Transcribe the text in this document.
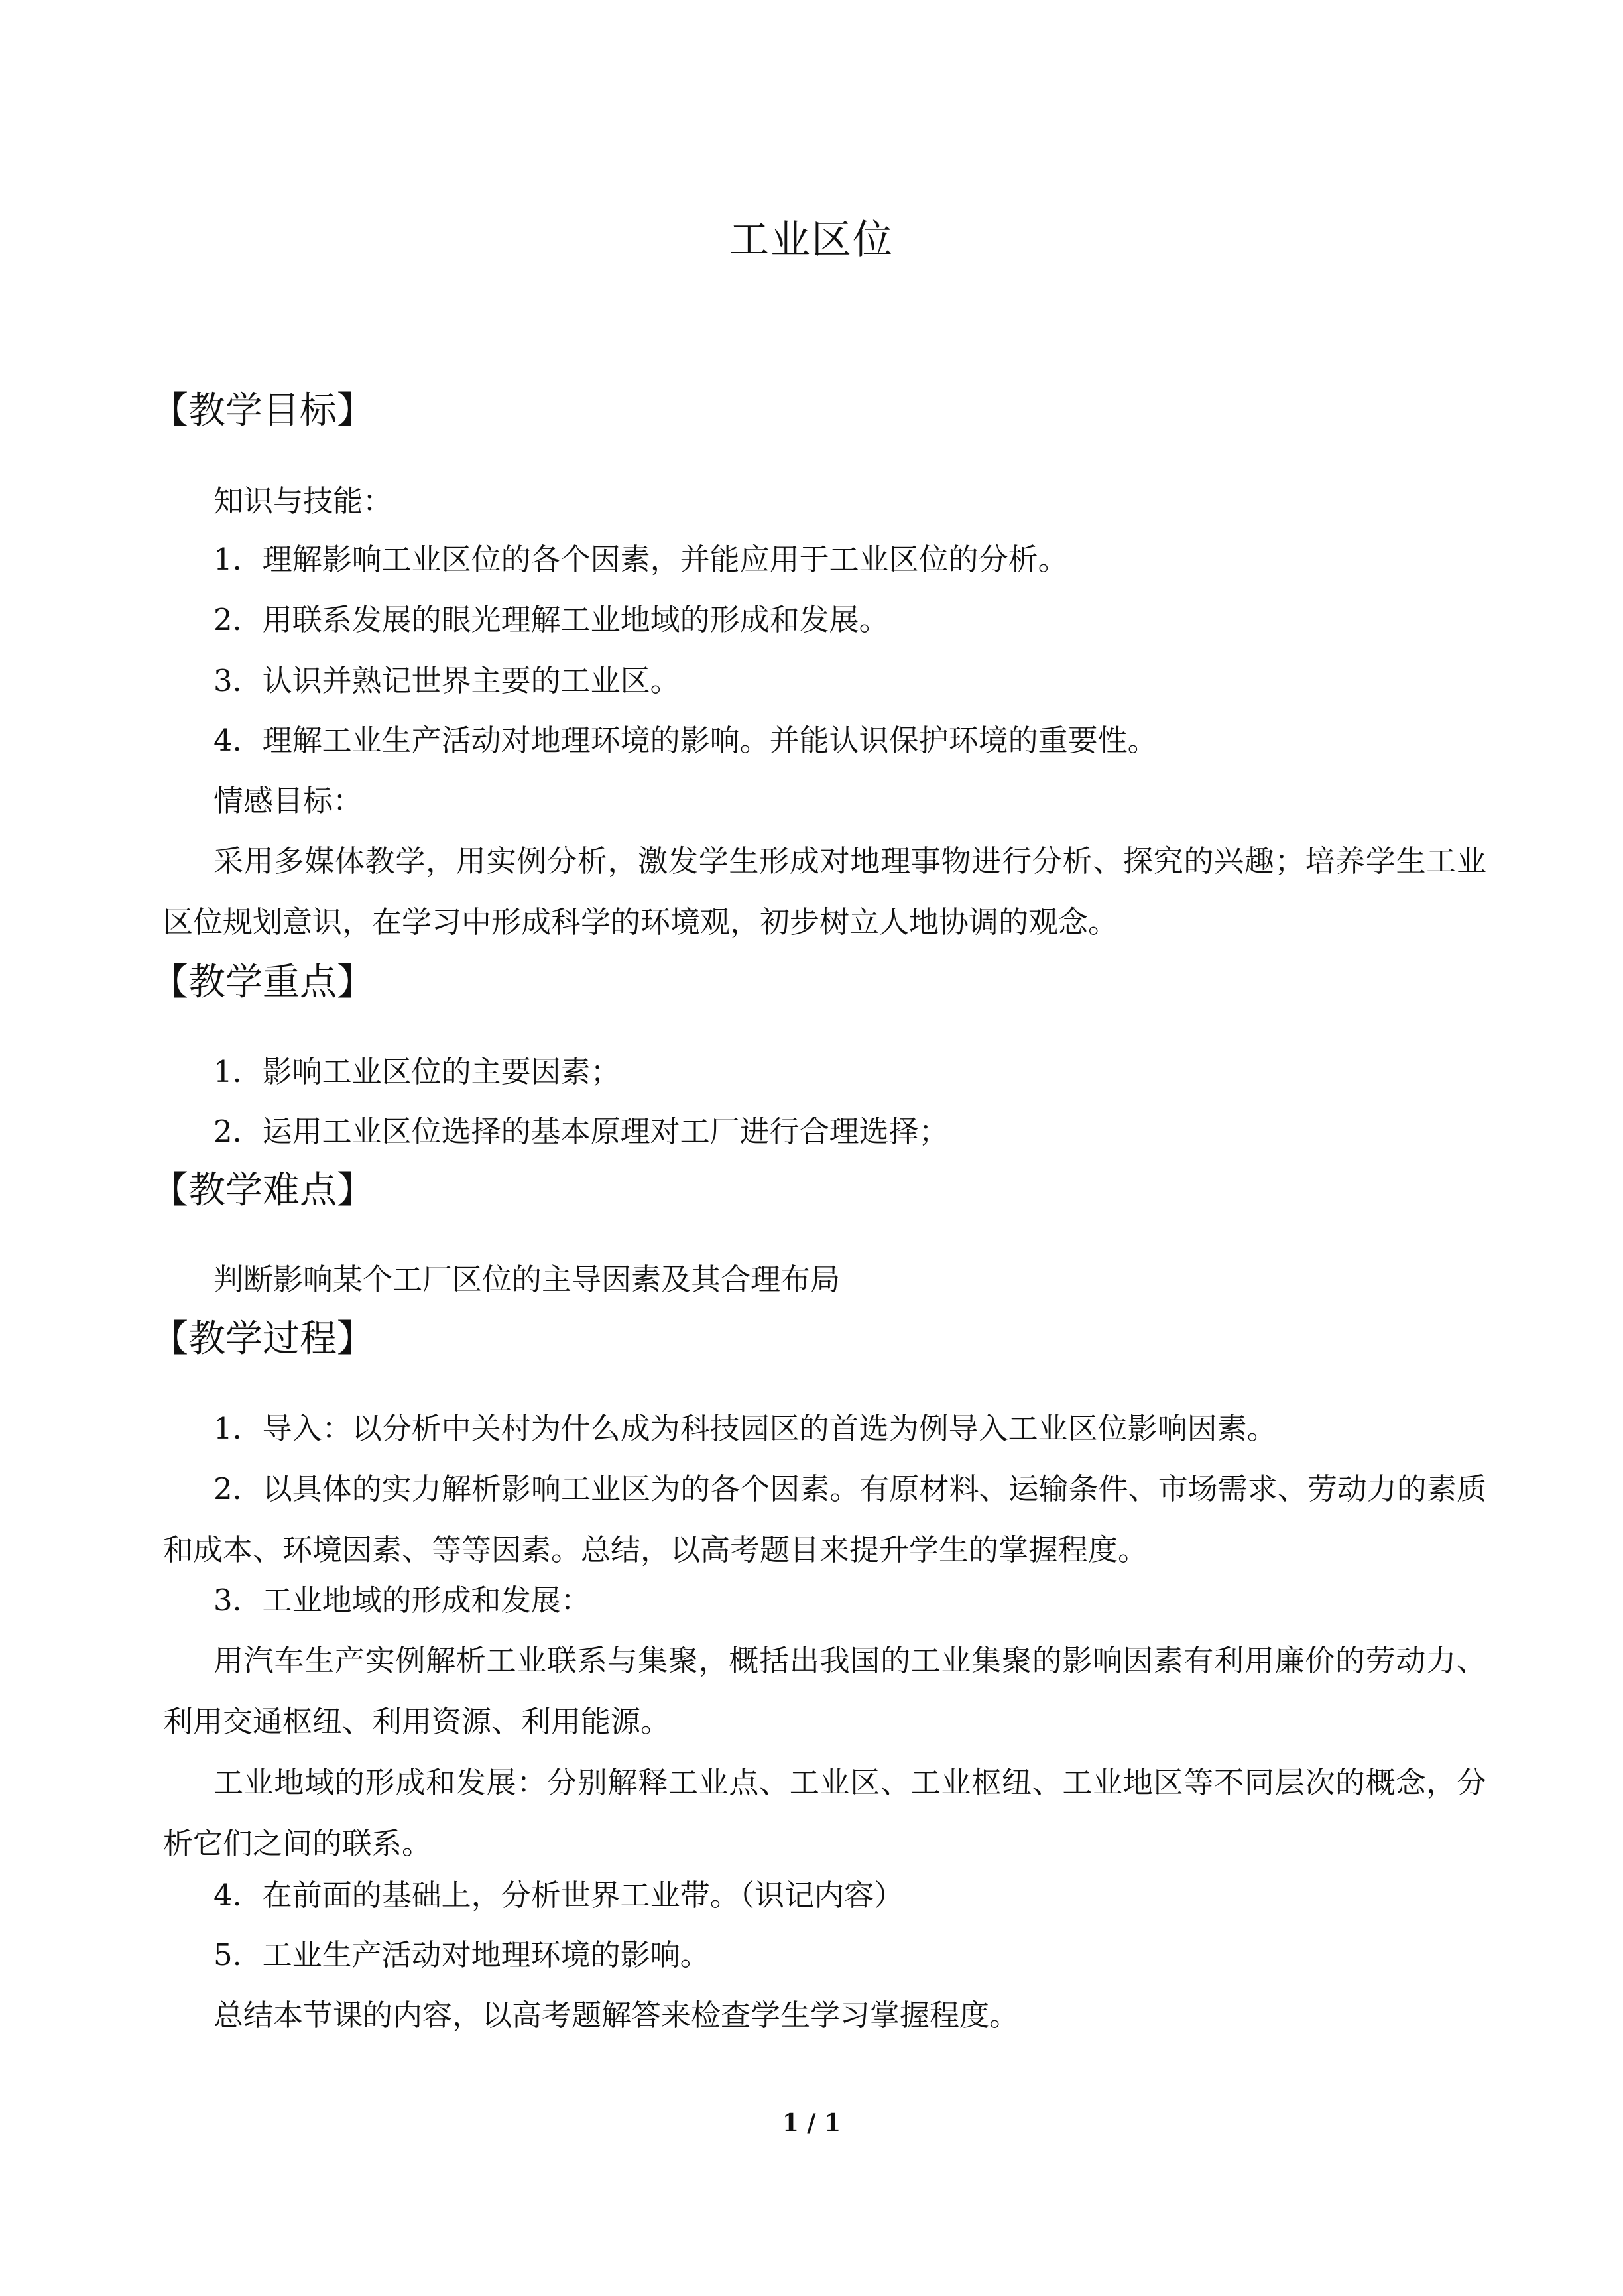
工业区位
【教学目标】
知识与技能：
1．理解影响工业区位的各个因素，并能应用于工业区位的分析。
2．用联系发展的眼光理解工业地域的形成和发展。
3．认识并熟记世界主要的工业区。
4．理解工业生产活动对地理环境的影响。并能认识保护环境的重要性。
情感目标：
采用多媒体教学，用实例分析，激发学生形成对地理事物进行分析、探究的兴趣；培养学生工业区位规划意识，在学习中形成科学的环境观，初步树立人地协调的观念。
【教学重点】
1．影响工业区位的主要因素；
2．运用工业区位选择的基本原理对工厂进行合理选择；
【教学难点】
判断影响某个工厂区位的主导因素及其合理布局
【教学过程】
1．导入：以分析中关村为什么成为科技园区的首选为例导入工业区位影响因素。
2．以具体的实力解析影响工业区为的各个因素。有原材料、运输条件、市场需求、劳动力的素质和成本、环境因素、等等因素。总结，以高考题目来提升学生的掌握程度。
3．工业地域的形成和发展：
用汽车生产实例解析工业联系与集聚，概括出我国的工业集聚的影响因素有利用廉价的劳动力、利用交通枢纽、利用资源、利用能源。
工业地域的形成和发展：分别解释工业点、工业区、工业枢纽、工业地区等不同层次的概念，分析它们之间的联系。
4．在前面的基础上，分析世界工业带。（识记内容）
5．工业生产活动对地理环境的影响。
总结本节课的内容，以高考题解答来检查学生学习掌握程度。
1 / 1
